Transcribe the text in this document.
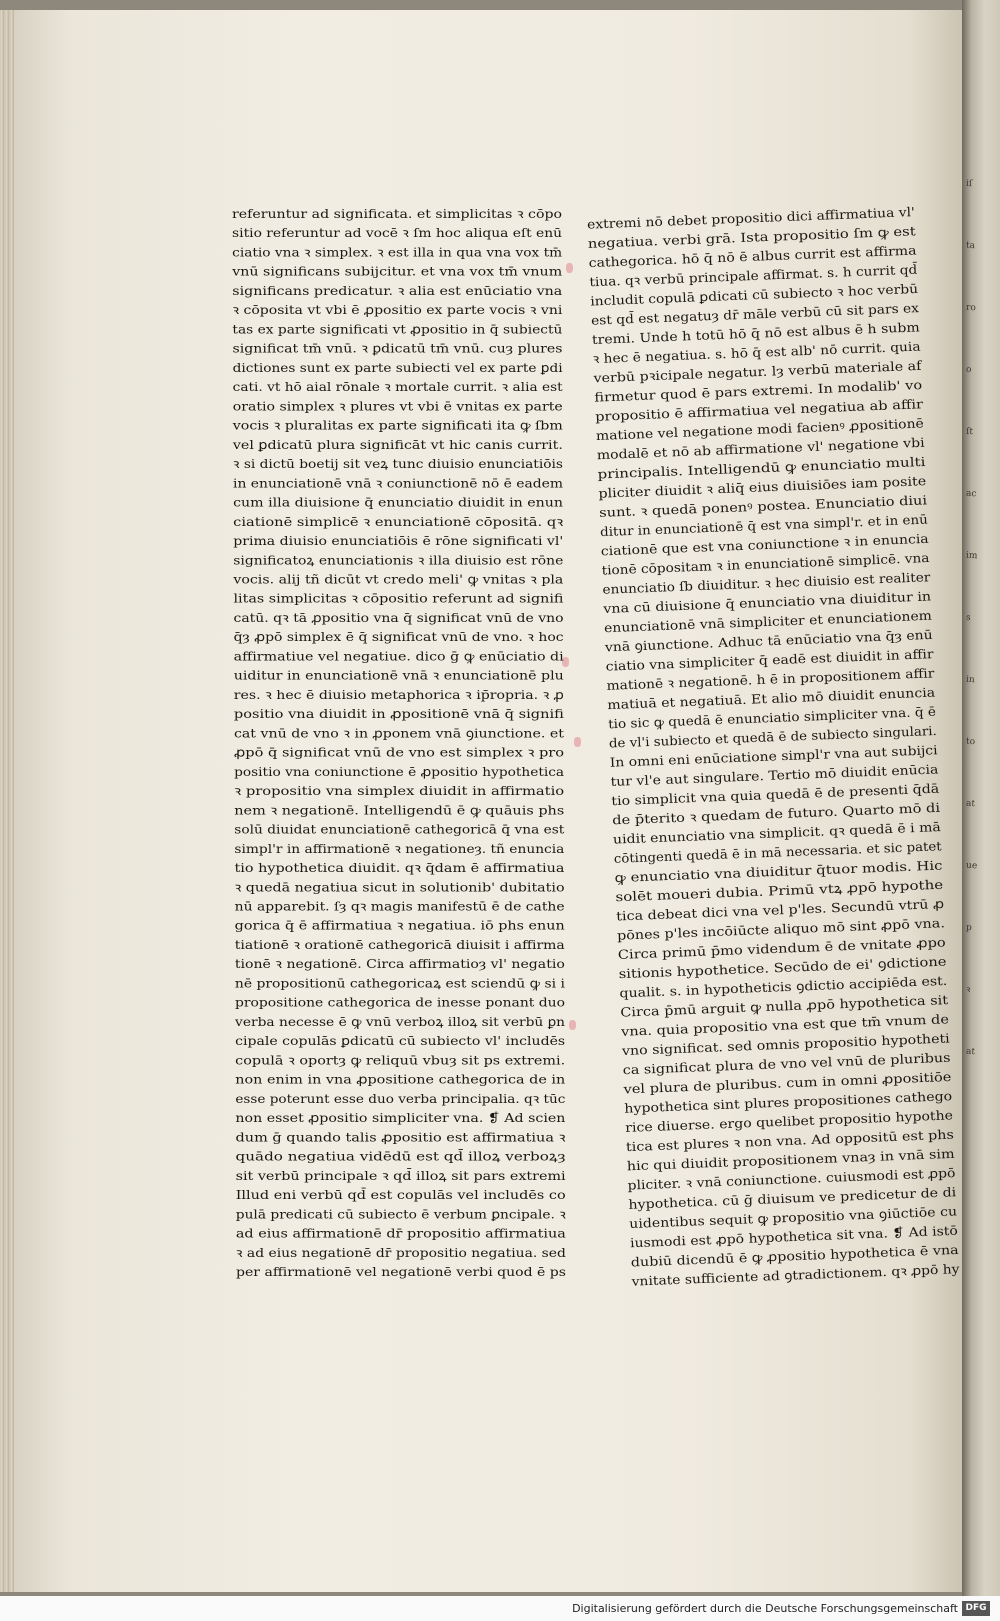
iſ
ta
ro
o
ſt
ac
im
s
in
to
at
ue
p
ꝛ
at
referuntur ad significata. et simplicitas ꝛ cōpo
sitio referuntur ad vocē ꝛ ſm hoc aliqua eſt enū
ciatio vna ꝛ simplex. ꝛ est illa in qua vna vox tm̄
vnū significans subijcitur. et vna vox tm̄ vnum
significans predicatur. ꝛ alia est enūciatio vna
ꝛ cōposita vt vbi ē ꝓpositio ex parte vocis ꝛ vni
tas ex parte significati vt ꝓpositio in q̄ subiectū
significat tm̄ vnū. ꝛ ꝑdicatū tm̄ vnū. cuȝ plures
dictiones sunt ex parte subiecti vel ex parte ꝑdi
cati. vt hō aial rōnale ꝛ mortale currit. ꝛ alia est
oratio simplex ꝛ plures vt vbi ē vnitas ex parte
vocis ꝛ pluralitas ex parte significati ita ꝙ ſbm
vel ꝑdicatū plura significāt vt hic canis currit.
ꝛ si dictū boetij sit veꝝ tunc diuisio enunciatiōis
in enunciationē vnā ꝛ coniunctionē nō ē eadem
cum illa diuisione q̄ enunciatio diuidit in enun
ciationē simplicē ꝛ enunciationē cōpositā. qꝛ
prima diuisio enunciatiōis ē rōne significati vl'
significatoꝝ enunciationis ꝛ illa diuisio est rōne
vocis. alij tñ dicūt vt credo meli' ꝙ vnitas ꝛ pla
litas simplicitas ꝛ cōpositio referunt ad signifi
catū. qꝛ tā ꝓpositio vna q̄ significat vnū de vno
q̄ȝ ꝓpō simplex ē q̄ significat vnū de vno. ꝛ hoc
affirmatiue vel negatiue. dico ḡ ꝙ enūciatio di
uiditur in enunciationē vnā ꝛ enunciationē plu
res. ꝛ hec ē diuisio metaphorica ꝛ ip̄ropria. ꝛ ꝓ
positio vna diuidit in ꝓpositionē vnā q̄ signifi
cat vnū de vno ꝛ in ꝓponem vnā ꝯiunctione. et
ꝓpō q̄ significat vnū de vno est simplex ꝛ pro
positio vna coniunctione ē ꝓpositio hypothetica
ꝛ propositio vna simplex diuidit in affirmatio
nem ꝛ negationē. Intelligendū ē ꝙ quāuis phs
solū diuidat enunciationē cathegoricā q̄ vna est
simpl'r in affirmationē ꝛ negationeȝ. tñ enuncia
tio hypothetica diuidit. qꝛ q̄dam ē affirmatiua
ꝛ quedā negatiua sicut in solutionib' dubitatio
nū apparebit. ſȝ qꝛ magis manifestū ē de cathe
gorica q̄ ē affirmatiua ꝛ negatiua. iō phs enun
tiationē ꝛ orationē cathegoricā diuisit i affirma
tionē ꝛ negationē. Circa affirmatioȝ vl' negatio
nē propositionū cathegoricaꝝ est sciendū ꝙ si i
propositione cathegorica de inesse ponant duo
verba necesse ē ꝙ vnū verboꝝ illoꝝ sit verbū ꝑn
cipale copulās ꝑdicatū cū subiecto vl' includēs
copulā ꝛ oportȝ ꝙ reliquū vbuȝ sit ps extremi.
non enim in vna ꝓpositione cathegorica de in
esse poterunt esse duo verba principalia. qꝛ tūc
non esset ꝓpositio simpliciter vna. ❡ Ad scien
dum ḡ quando talis ꝓpositio est affirmatiua ꝛ
quādo negatiua vidēdū est qd̄ illoꝝ verboꝝȝ
sit verbū principale ꝛ qd̄ illoꝝ sit pars extremi
Illud eni verbū qd̄ est copulās vel includēs co
pulā predicati cū subiecto ē verbum ꝑncipale. ꝛ
ad eius affirmationē dr̄ propositio affirmatiua
ꝛ ad eius negationē dr̄ propositio negatiua. sed
per affirmationē vel negationē verbi quod ē ps
extremi nō debet propositio dici affirmatiua vl'
negatiua. verbi grā. Ista propositio ſm ꝙ est
cathegorica. hō q̄ nō ē albus currit est affirma
tiua. qꝛ verbū principale affirmat. s. h currit qd̄
includit copulā ꝑdicati cū subiecto ꝛ hoc verbū
est qd̄ est negatuȝ dr̄ māle verbū cū sit pars ex
tremi. Unde h totū hō q̄ nō est albus ē h subm
ꝛ hec ē negatiua. s. hō q̄ est alb' nō currit. quia
verbū pꝛicipale negatur. lȝ verbū materiale af
firmetur quod ē pars extremi. In modalib' vo
propositio ē affirmatiua vel negatiua ab affir
matione vel negatione modi facienꝰ ꝓpositionē
modalē et nō ab affirmatione vl' negatione vbi
principalis. Intelligendū ꝙ enunciatio multi
pliciter diuidit ꝛ aliq̄ eius diuisiōes iam posite
sunt. ꝛ quedā ponenꝰ postea. Enunciatio diui
ditur in enunciationē q̄ est vna simpl'r. et in enū
ciationē que est vna coniunctione ꝛ in enuncia
tionē cōpositam ꝛ in enunciationē simplicē. vna
enunciatio ſb diuiditur. ꝛ hec diuisio est realiter
vna cū diuisione q̄ enunciatio vna diuiditur in
enunciationē vnā simpliciter et enunciationem
vnā ꝯiunctione. Adhuc tā enūciatio vna q̄ȝ enū
ciatio vna simpliciter q̄ eadē est diuidit in affir
mationē ꝛ negationē. h ē in propositionem affir
matiuā et negatiuā. Et alio mō diuidit enuncia
tio sic ꝙ quedā ē enunciatio simpliciter vna. q̄ ē
de vl'i subiecto et quedā ē de subiecto singulari.
In omni eni enūciatione simpl'r vna aut subijci
tur vl'e aut singulare. Tertio mō diuidit enūcia
tio simplicit vna quia quedā ē de presenti q̄dā
de p̄terito ꝛ quedam de futuro. Quarto mō di
uidit enunciatio vna simplicit. qꝛ quedā ē i mā
cōtingenti quedā ē in mā necessaria. et sic patet
ꝙ enunciatio vna diuiditur q̄tuor modis. Hic
solēt moueri dubia. Primū vtꝝ ꝓpō hypothe
tica debeat dici vna vel p'les. Secundū vtrū ꝓ
pōnes p'les incōiūcte aliquo mō sint ꝓpō vna.
Circa primū p̄mo videndum ē de vnitate ꝓpo
sitionis hypothetice. Secūdo de ei' ꝯdictione
qualit. s. in hypotheticis ꝯdictio accipiēda est.
Circa p̄mū arguit ꝙ nulla ꝓpō hypothetica sit
vna. quia propositio vna est que tm̄ vnum de
vno significat. sed omnis propositio hypotheti
ca significat plura de vno vel vnū de pluribus
vel plura de pluribus. cum in omni ꝓpositiōe
hypothetica sint plures propositiones cathego
rice diuerse. ergo quelibet propositio hypothe
tica est plures ꝛ non vna. Ad oppositū est phs
hic qui diuidit propositionem vnaȝ in vnā sim
pliciter. ꝛ vnā coniunctione. cuiusmodi est ꝓpō
hypothetica. cū ḡ diuisum ve predicetur de di
uidentibus sequit ꝙ propositio vna ꝯiūctiōe cu
iusmodi est ꝓpō hypothetica sit vna. ❡ Ad istō
dubiū dicendū ē ꝙ ꝓpositio hypothetica ē vna
vnitate sufficiente ad ꝯtradictionem. qꝛ ꝓpō hy
Digitalisierung gefördert durch die Deutsche Forschungsgemeinschaft DFG
